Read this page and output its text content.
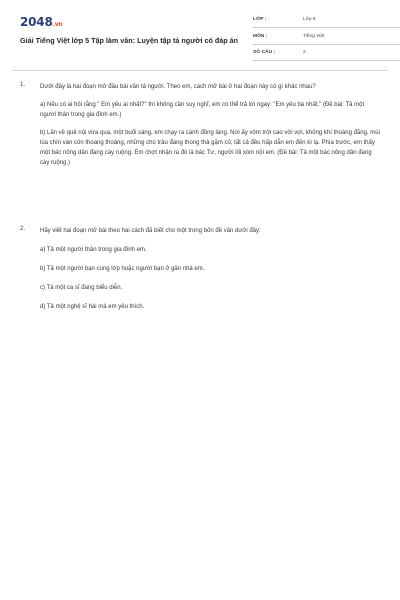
2048.vn
Giải Tiếng Việt lớp 5 Tập làm văn: Luyện tập tả người có đáp án
LỚP :	Lớp 5
MÔN :	Tiếng Việt
SỐ CÂU :	2
1. Dưới đây là hai đoạn mở đầu bài văn tả người. Theo em, cách mở bài ở hai đoạn này có gì khác nhau?

a) Nếu có ai hỏi rằng " Em yêu ai nhất?" thì không cần suy nghĩ, em có thể trả lời ngay: "Em yêu bà nhất." (Đề bài: Tả một người thân trong gia đình em.)

b) Lần về quê nội vừa qua, một buổi sáng, em chạy ra cánh đồng làng. Nơi ấy vòm trời cao vời vợi, không khí thoáng đãng, mùi lúa chín vàn còn thoang thoảng, những chú trâu đang thong thả gặm cỏ; tất cả đều hấp dẫn em đến kì lạ. Phía trước, em thấy một bác nông dân đang cày ruộng. Em chợt nhận ra đó là bác Tư, người lối xóm nội em. (Đề bài: Tả một bác nông dân đang cày ruộng.)

2. Hãy viết hai đoạn mở bài theo hai cách đã biết cho một trong bốn đề văn dưới đây:

a) Tả một người thân trong gia đình em.

b) Tả một người bạn cùng lớp hoặc người bạn ở gần nhà em.

c) Tả một ca sĩ đang biểu diễn.

d) Tả một nghệ sĩ hài mà em yêu thích.
